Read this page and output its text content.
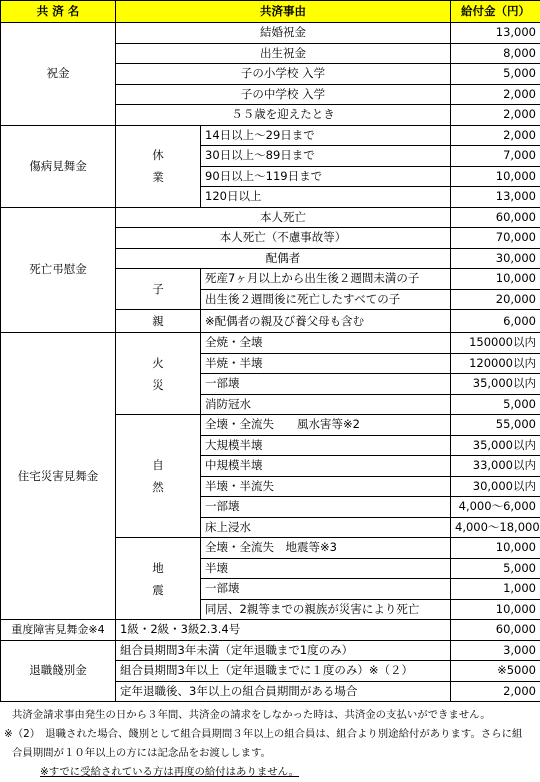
共 済 名	共済事由		給付金（円）
祝金	結婚祝金		13,000
	出生祝金		8,000
	子の小学校 入学		5,000
	子の中学校 入学		2,000
	５５歳を迎えたとき		2,000
傷病見舞金	休業	14日以上～29日まで	2,000
		30日以上～89日まで	7,000
		90日以上～119日まで	10,000
		120日以上	13,000
死亡弔慰金	本人死亡		60,000
	本人死亡（不慮事故等）		70,000
	配偶者		30,000
	子	死産7ヶ月以上から出生後２週間未満の子	10,000
		出生後２週間後に死亡したすべての子	20,000
	親	※配偶者の親及び養父母も含む	6,000
住宅災害見舞金	火災	全焼・全壊	150000以内
		半焼・半壊	120000以内
		一部壊	35,000以内
		消防冠水	5,000
	自然	全壊・全流失　　風水害等※2	55,000
		大規模半壊	35,000以内
		中規模半壊	33,000以内
		半壊・半流失	30,000以内
		一部壊	4,000～6,000
		床上浸水	4,000～18,000
	地震	全壊・全流失　地震等※3	10,000
		半壊	5,000
		一部壊	1,000
		同居、2親等までの親族が災害により死亡	10,000
重度障害見舞金※4	1級・2級・3級2.3.4号		60,000
退職餞別金	組合員期間3年未満（定年退職まで1度のみ）		3,000
	組合員期間3年以上（定年退職までに１度のみ）※（２）		※5000
	定年退職後、3年以上の組合員期間がある場合		2,000
共済金請求事由発生の日から３年間、共済金の請求をしなかった時は、共済金の支払いができません。
※（2）　退職された場合、餞別として組合員期間３年以上の組合員は、組合より別途給付があります。さらに組
合員期間が１０年以上の方には記念品をお渡しします。
※すでに受給されている方は再度の給付はありません。
